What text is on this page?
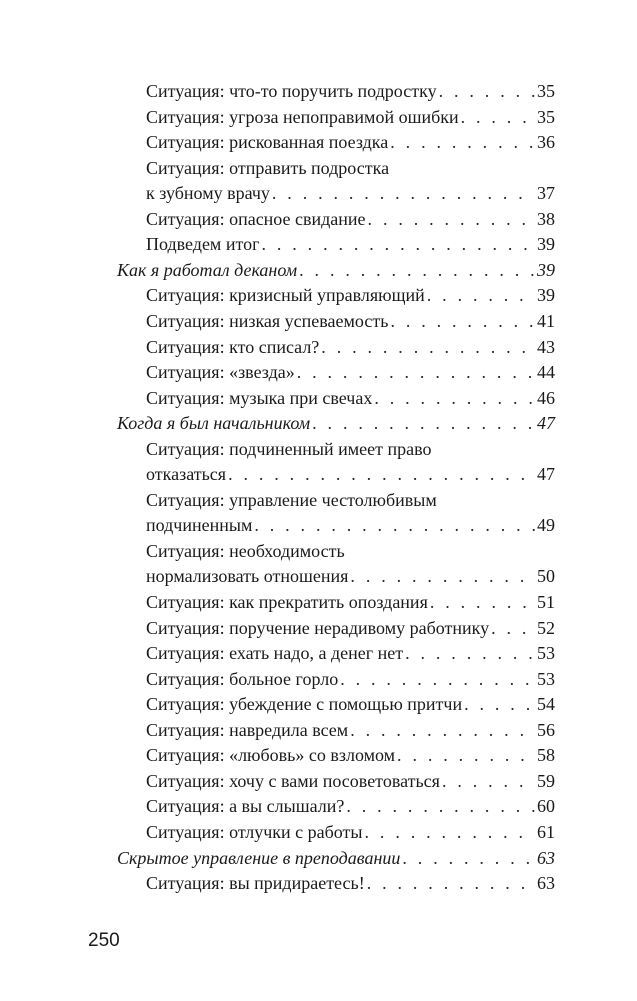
Ситуация: что-то поручить подростку . . .	35
Ситуация: угроза непоправимой ошибки . . .	35
Ситуация: рискованная поездка . . .	36
Ситуация: отправить подростка
к зубному врачу . . .	37
Ситуация: опасное свидание . . .	38
Подведем итог . . .	39
Как я работал деканом . . .	39
Ситуация: кризисный управляющий . . .	39
Ситуация: низкая успеваемость . . .	41
Ситуация: кто списал? . . .	43
Ситуация: «звезда» . . .	44
Ситуация: музыка при свечах . . .	46
Когда я был начальником . . .	47
Ситуация: подчиненный имеет право
отказаться . . .	47
Ситуация: управление честолюбивым
подчиненным . . .	49
Ситуация: необходимость
нормализовать отношения . . .	50
Ситуация: как прекратить опоздания . . .	51
Ситуация: поручение нерадивому работнику . . .	52
Ситуация: ехать надо, а денег нет . . .	53
Ситуация: больное горло . . .	53
Ситуация: убеждение с помощью притчи . . .	54
Ситуация: навредила всем . . .	56
Ситуация: «любовь» со взломом . . .	58
Ситуация: хочу с вами посоветоваться . . .	59
Ситуация: а вы слышали? . . .	60
Ситуация: отлучки с работы . . .	61
Скрытое управление в преподавании . . .	63
Ситуация: вы придираетесь! . . .	63
250
